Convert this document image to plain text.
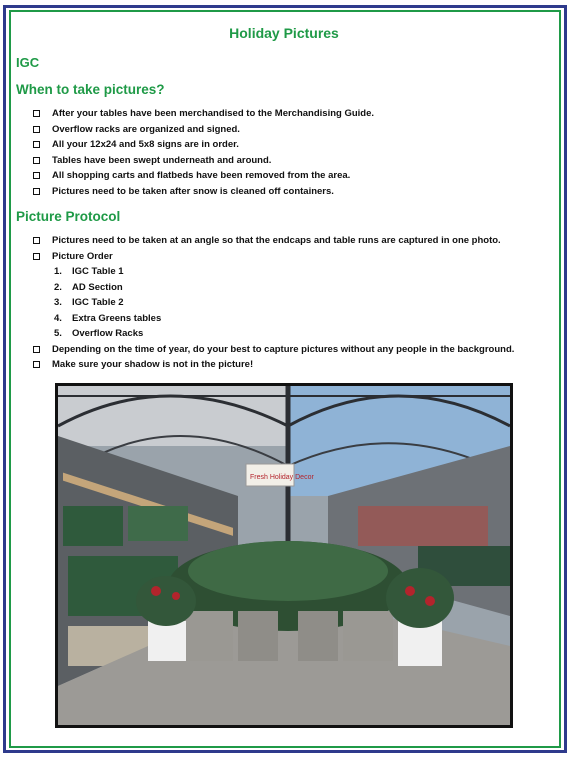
Holiday Pictures
IGC
When to take pictures?
After your tables have been merchandised to the Merchandising Guide.
Overflow racks are organized and signed.
All your 12x24 and 5x8 signs are in order.
Tables have been swept underneath and around.
All shopping carts and flatbeds have been removed from the area.
Pictures need to be taken after snow is cleaned off containers.
Picture Protocol
Pictures need to be taken at an angle so that the endcaps and table runs are captured in one photo.
Picture Order
1. IGC Table 1
2. AD Section
3. IGC Table 2
4. Extra Greens tables
5. Overflow Racks
Depending on the time of year, do your best to capture pictures without any people in the background.
Make sure your shadow is not in the picture!
Fresh Holiday Decor
